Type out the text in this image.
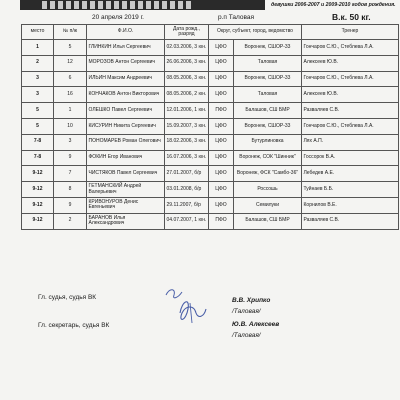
девушки 2006-2007 и 2009-2010 годов рождения.
20 апреля 2019 г.	р.п Таловая	В.к. 50 кг.
место	№ п/ж	Ф.И.О.	Дата рожд., разряд	Округ, субъект, город, ведомство		Тренер
1	5	ГЛИНКИН Илья Сергеевич	02.03.2006, 3 юн.	ЦФО	Воронеж, СШОР-33	Гончаров С.Ю., Стеблева Л.А.
2	12	МОРОЗОВ Антон Сергеевич	26.06.2006, 3 юн.	ЦФО	Таловая	Алексеев Ю.В.
3	6	ИЛЬИН Максим Андреевич	08.05.2006, 3 юн.	ЦФО	Воронеж, СШОР-33	Гончаров С.Ю., Стеблева Л.А.
3	16	КОНЧАКОВ Антон Викторович	08.05.2006, 2 юн.	ЦФО	Таловая	Алексеев Ю.В.
5	1	ОЛЕШКО Павел Сергеевич	12.01.2006, 1 юн.	ПФО	Балашов, СШ БМР	Разваляев С.В.
5	10	КИСУРИН Никита Сергеевич	15.09.2007, 3 юн.	ЦФО	Воронеж, СШОР-33	Гончаров С.Ю., Стеблева Л.А.
7-8	3	ПОНОМАРЕВ Роман Олегович	18.02.2006, 3 юн.	ЦФО	Бутурлиновка	Лях А.П.
7-8	9	ФОКИН Егор Иванович	16.07.2006, 3 юн.	ЦФО	Воронеж, СОК "Шинник"	Госсорок В.А.
9-12	7	ЧИСТЯКОВ Павел Сергеевич	27.01.2007, б/р	ЦФО	Воронеж, ФСК "Самбо-36"	Лебедев А.Е.
9-12	8	ГЕТМАНСКИЙ Андрей Валерьевич	03.01.2008, б/р	ЦФО	Россошь	Туйнаев Б.Б.
9-12	9	КРИВОНУРОВ Денис Евгеньевич	29.11.2007, б/р	ЦФО	Семилуки	Корнилов В.Е.
9-12	2	БАРАНОВ Илья Александрович	04.07.2007, 1 юн.	ПФО	Балашов, СШ БМР	Разваляев С.В.
Гл. судья, судья ВК	В.В. Хрипко
/Таловая/
Гл. секретарь, судья ВК	Ю.В. Алексеев
/Таловая/
